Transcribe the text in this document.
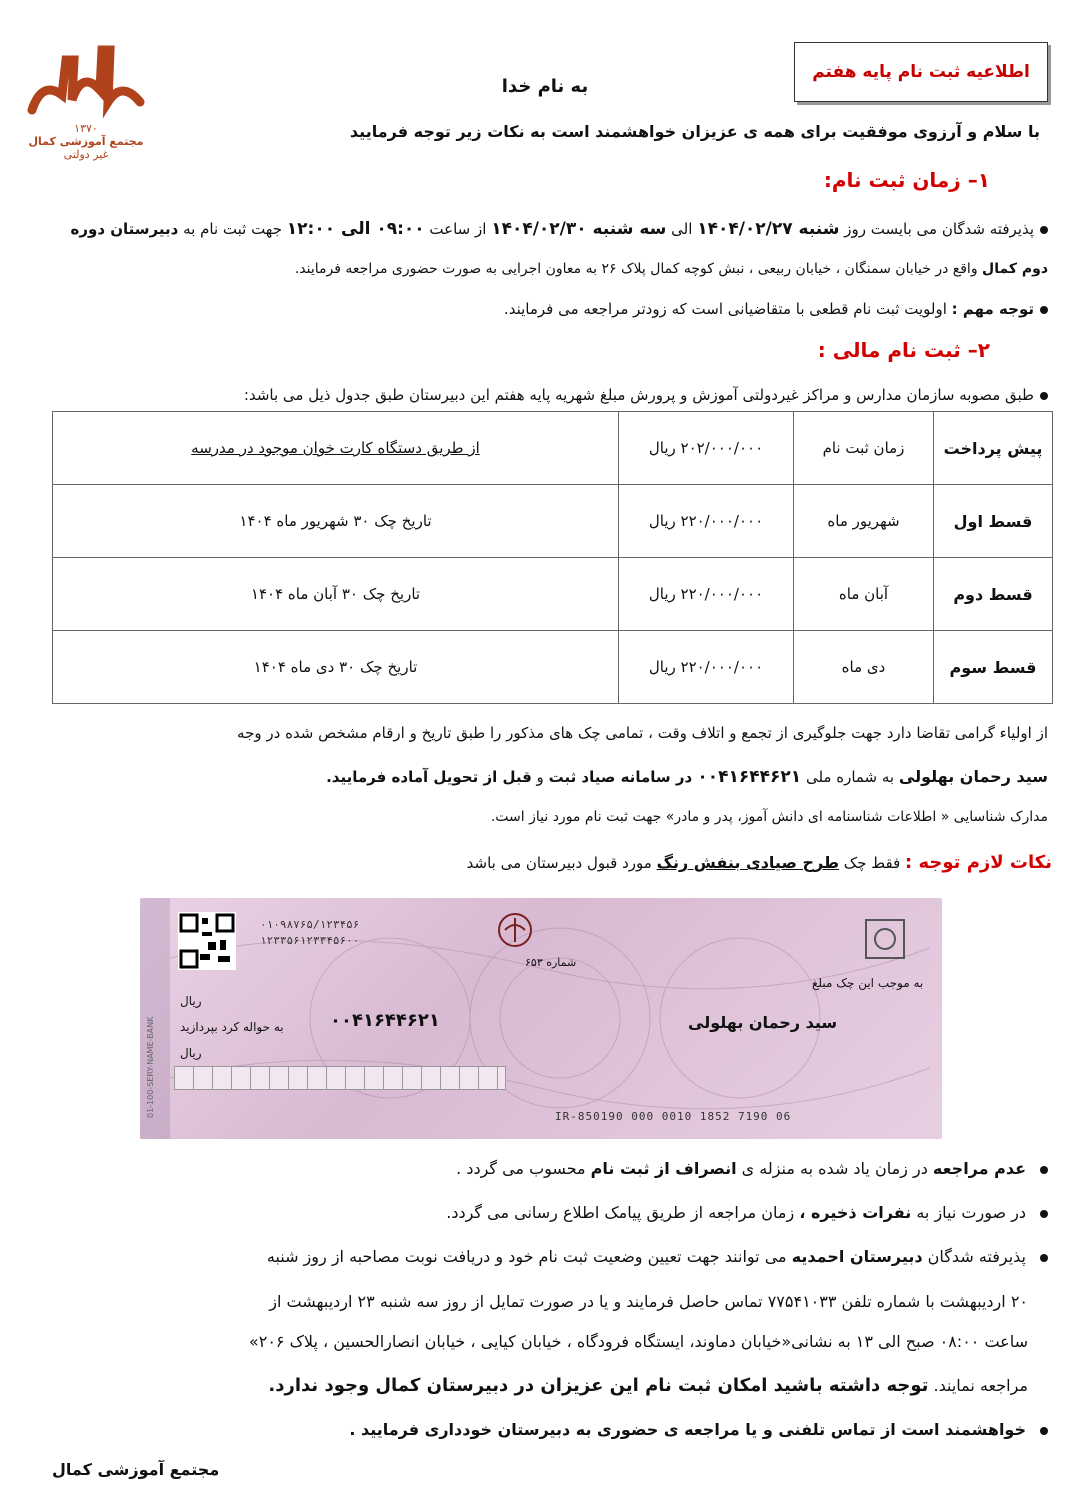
۱۳۷۰
مجتمع آموزشی کمال
غیر دولتی
اطلاعیه ثبت نام پایه هفتم
به نام خدا
با سلام و آرزوی موفقیت برای همه ی عزیزان خواهشمند است به نکات زیر توجه فرمایید
۱– زمان ثبت نام:
پذیرفته شدگان می بایست روز شنبه ۱۴۰۴/۰۲/۲۷ الی سه شنبه ۱۴۰۴/۰۲/۳۰ از ساعت ۰۹:۰۰ الی ۱۲:۰۰ جهت ثبت نام به دبیرستان دوره
دوم کمال واقع در خیابان سمنگان ، خیابان ربیعی ، نبش کوچه کمال پلاک ۲۶ به معاون اجرایی به صورت حضوری مراجعه فرمایند.
توجه مهم : اولویت ثبت نام قطعی با متقاضیانی است که زودتر مراجعه می فرمایند.
۲– ثبت نام مالی :
طبق مصوبه سازمان مدارس و مراکز غیردولتی آموزش و پرورش مبلغ شهریه پایه هفتم این دبیرستان طبق جدول ذیل می باشد:
پیش پرداخت	زمان ثبت نام	۲۰۲/۰۰۰/۰۰۰ ریال	از طریق دستگاه کارت خوان موجود در مدرسه
قسط اول	شهریور ماه	۲۲۰/۰۰۰/۰۰۰ ریال	تاریخ چک ۳۰ شهریور ماه ۱۴۰۴
قسط دوم	آبان ماه	۲۲۰/۰۰۰/۰۰۰ ریال	تاریخ چک ۳۰ آبان ماه ۱۴۰۴
قسط سوم	دی ماه	۲۲۰/۰۰۰/۰۰۰ ریال	تاریخ چک ۳۰ دی ماه ۱۴۰۴
از اولیاء گرامی تقاضا دارد جهت جلوگیری از تجمع و اتلاف وقت ، تمامی چک های مذکور را طبق تاریخ و ارقام مشخص شده در وجه
سید رحمان بهلولی به شماره ملی ۰۰۴۱۶۴۴۶۲۱ در سامانه صیاد ثبت و قبل از تحویل آماده فرمایید.
مدارک شناسایی « اطلاعات شناسنامه ای دانش آموز، پدر و مادر» جهت ثبت نام مورد نیاز است.
نکات لازم توجه : فقط چک طرح صیادی بنفش رنگ مورد قبول دبیرستان می باشد
۰۱۰۹۸۷۶۵/۱۲۳۴۵۶
۱۲۳۳۵۶۱۲۳۳۴۵۶۰۰
شماره ۶۵۳
به موجب این چک مبلغ
ریال
به حواله کرد بپردازید
ریال
۰۰۴۱۶۴۴۶۲۱	سید رحمان بهلولی
IR-850190 000 0010 1852 7190 06
01-100-SERY-NAME-BANK
عدم مراجعه در زمان یاد شده به منزله ی انصراف از ثبت نام محسوب می گردد .
در صورت نیاز به نفرات ذخیره ، زمان مراجعه از طریق پیامک اطلاع رسانی می گردد.
پذیرفته شدگان دبیرستان احمدیه می توانند جهت تعیین وضعیت ثبت نام خود و دریافت نوبت مصاحبه از روز شنبه
۲۰ اردیبهشت با شماره تلفن ۷۷۵۴۱۰۳۳ تماس حاصل فرمایند و یا در صورت تمایل از روز سه شنبه ۲۳ اردیبهشت از
ساعت ۰۸:۰۰ صبح الی ۱۳ به نشانی«خیابان دماوند، ایستگاه فرودگاه ، خیابان کیایی ، خیابان انصارالحسین ، پلاک ۲۰۶»
مراجعه نمایند. توجه داشته باشید امکان ثبت نام این عزیزان در دبیرستان کمال وجود ندارد.
خواهشمند است از تماس تلفنی و یا مراجعه ی حضوری به دبیرستان خودداری فرمایید .
مجتمع آموزشی کمال
